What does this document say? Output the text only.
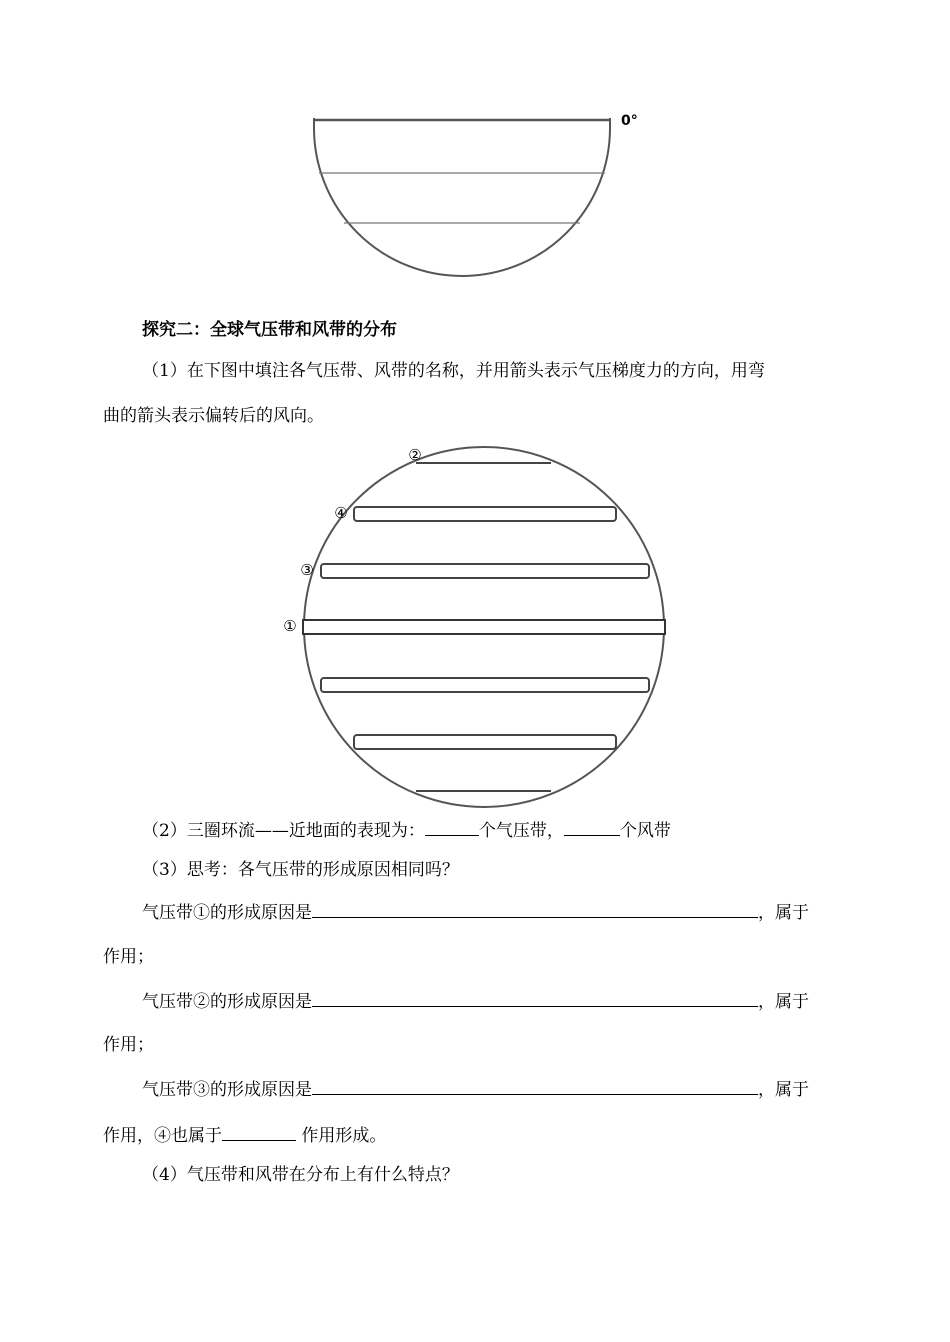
0°
探究二：全球气压带和风带的分布
（1）在下图中填注各气压带、风带的名称，并用箭头表示气压梯度力的方向，用弯
曲的箭头表示偏转后的风向。
②
④
③
①
（2）三圈环流——近地面的表现为：	个气压带，	个风带
（3）思考：各气压带的形成原因相同吗？
气压带①的形成原因是	，属于
作用；
气压带②的形成原因是	，属于
作用；
气压带③的形成原因是	，属于
作用，④也属于	作用形成。
（4）气压带和风带在分布上有什么特点？
